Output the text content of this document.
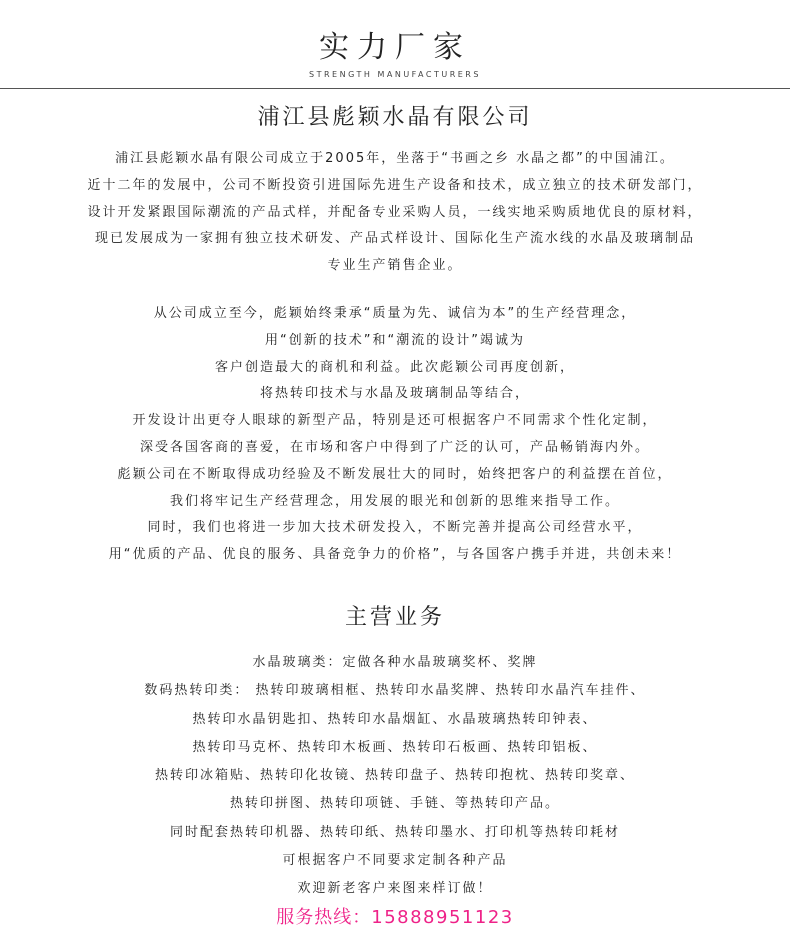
实力厂家
STRENGTH MANUFACTURERS
浦江县彪颖水晶有限公司
浦江县彪颖水晶有限公司成立于2005年，坐落于“书画之乡 水晶之都”的中国浦江。
近十二年的发展中，公司不断投资引进国际先进生产设备和技术，成立独立的技术研发部门，
设计开发紧跟国际潮流的产品式样，并配备专业采购人员，一线实地采购质地优良的原材料，
现已发展成为一家拥有独立技术研发、产品式样设计、国际化生产流水线的水晶及玻璃制品
专业生产销售企业。
从公司成立至今，彪颖始终秉承“质量为先、诚信为本”的生产经营理念，
用“创新的技术”和“潮流的设计”竭诚为
客户创造最大的商机和利益。此次彪颖公司再度创新，
将热转印技术与水晶及玻璃制品等结合，
开发设计出更夺人眼球的新型产品，特别是还可根据客户不同需求个性化定制，
深受各国客商的喜爱，在市场和客户中得到了广泛的认可，产品畅销海内外。
彪颖公司在不断取得成功经验及不断发展壮大的同时，始终把客户的利益摆在首位，
我们将牢记生产经营理念，用发展的眼光和创新的思维来指导工作。
同时，我们也将进一步加大技术研发投入，不断完善并提高公司经营水平，
用“优质的产品、优良的服务、具备竞争力的价格”，与各国客户携手并进，共创未来！
主营业务
水晶玻璃类：定做各种水晶玻璃奖杯、奖牌
数码热转印类： 热转印玻璃相框、热转印水晶奖牌、热转印水晶汽车挂件、
热转印水晶钥匙扣、热转印水晶烟缸、水晶玻璃热转印钟表、
热转印马克杯、热转印木板画、热转印石板画、热转印铝板、
热转印冰箱贴、热转印化妆镜、热转印盘子、热转印抱枕、热转印奖章、
热转印拼图、热转印项链、手链、等热转印产品。
同时配套热转印机器、热转印纸、热转印墨水、打印机等热转印耗材
可根据客户不同要求定制各种产品
欢迎新老客户来图来样订做！
服务热线：15888951123
